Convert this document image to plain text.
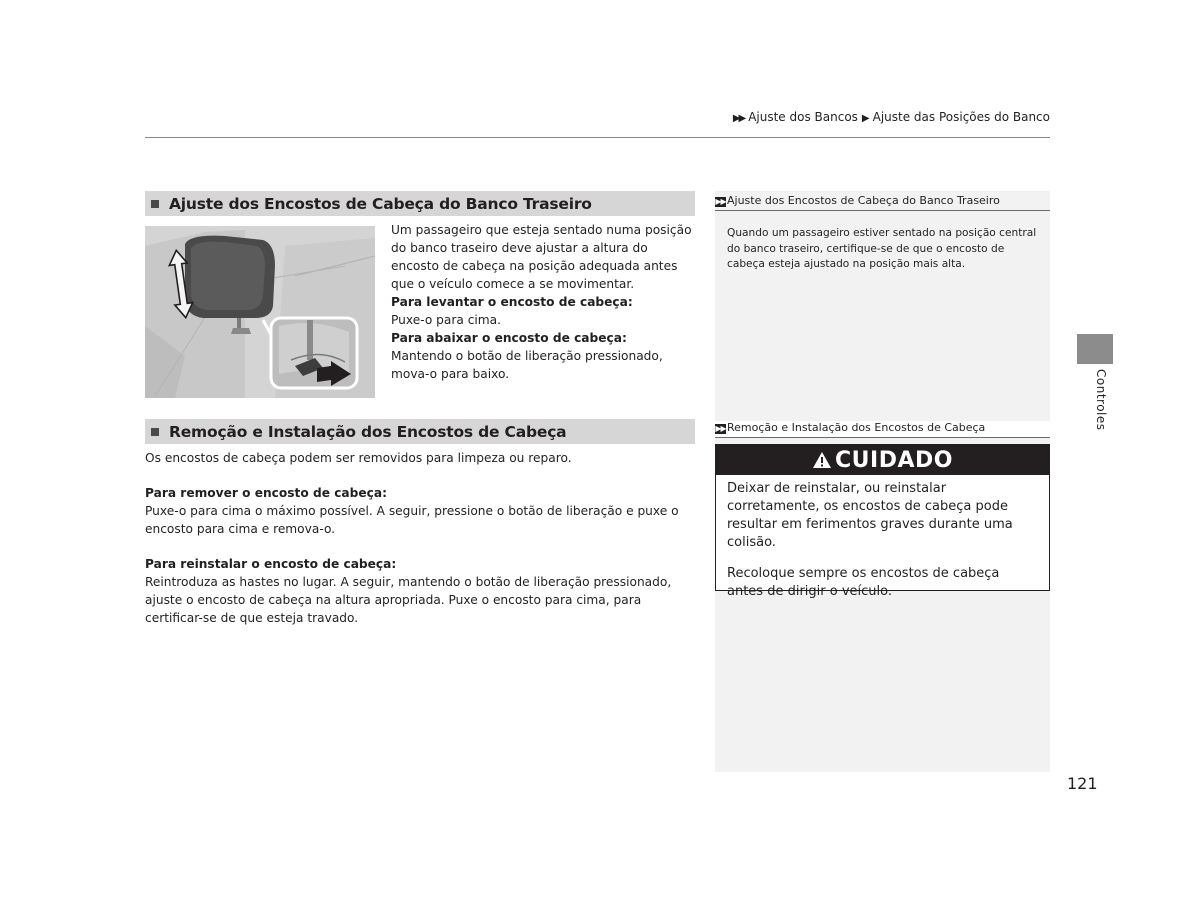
▶▶ Ajuste dos Bancos ▶ Ajuste das Posições do Banco
Ajuste dos Encostos de Cabeça do Banco Traseiro
Um passageiro que esteja sentado numa posição do banco traseiro deve ajustar a altura do encosto de cabeça na posição adequada antes que o veículo comece a se movimentar.
Para levantar o encosto de cabeça:
Puxe-o para cima.
Para abaixar o encosto de cabeça:
Mantendo o botão de liberação pressionado, mova-o para baixo.
Remoção e Instalação dos Encostos de Cabeça
Os encostos de cabeça podem ser removidos para limpeza ou reparo.
Para remover o encosto de cabeça:
Puxe-o para cima o máximo possível. A seguir, pressione o botão de liberação e puxe o encosto para cima e remova-o.
Para reinstalar o encosto de cabeça:
Reintroduza as hastes no lugar. A seguir, mantendo o botão de liberação pressionado, ajuste o encosto de cabeça na altura apropriada. Puxe o encosto para cima, para certificar-se de que esteja travado.
▶▶Ajuste dos Encostos de Cabeça do Banco Traseiro
Quando um passageiro estiver sentado na posição central do banco traseiro, certifique-se de que o encosto de cabeça esteja ajustado na posição mais alta.
▶▶Remoção e Instalação dos Encostos de Cabeça
CUIDADO

Deixar de reinstalar, ou reinstalar corretamente, os encostos de cabeça pode resultar em ferimentos graves durante uma colisão.

Recoloque sempre os encostos de cabeça antes de dirigir o veículo.

Controles
121
